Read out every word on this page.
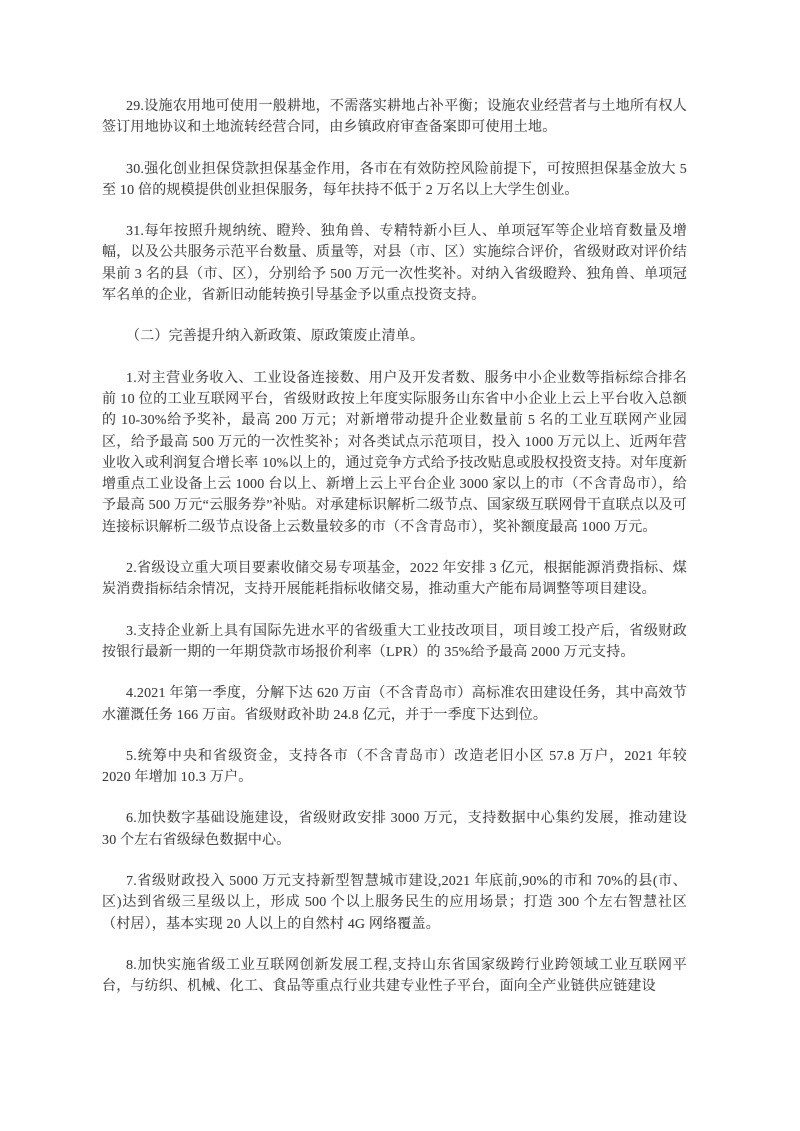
29.设施农用地可使用一般耕地，不需落实耕地占补平衡；设施农业经营者与土地所有权人签订用地协议和土地流转经营合同，由乡镇政府审查备案即可使用土地。

30.强化创业担保贷款担保基金作用，各市在有效防控风险前提下，可按照担保基金放大 5 至 10 倍的规模提供创业担保服务，每年扶持不低于 2 万名以上大学生创业。

31.每年按照升规纳统、瞪羚、独角兽、专精特新小巨人、单项冠军等企业培育数量及增幅，以及公共服务示范平台数量、质量等，对县（市、区）实施综合评价，省级财政对评价结果前 3 名的县（市、区），分别给予 500 万元一次性奖补。对纳入省级瞪羚、独角兽、单项冠军名单的企业，省新旧动能转换引导基金予以重点投资支持。

（二）完善提升纳入新政策、原政策废止清单。

1.对主营业务收入、工业设备连接数、用户及开发者数、服务中小企业数等指标综合排名前 10 位的工业互联网平台，省级财政按上年度实际服务山东省中小企业上云上平台收入总额的 10-30%给予奖补，最高 200 万元；对新增带动提升企业数量前 5 名的工业互联网产业园区，给予最高 500 万元的一次性奖补；对各类试点示范项目，投入 1000 万元以上、近两年营业收入或利润复合增长率 10%以上的，通过竞争方式给予技改贴息或股权投资支持。对年度新增重点工业设备上云 1000 台以上、新增上云上平台企业 3000 家以上的市（不含青岛市），给予最高 500 万元“云服务券”补贴。对承建标识解析二级节点、国家级互联网骨干直联点以及可连接标识解析二级节点设备上云数量较多的市（不含青岛市），奖补额度最高 1000 万元。

2.省级设立重大项目要素收储交易专项基金，2022 年安排 3 亿元，根据能源消费指标、煤炭消费指标结余情况，支持开展能耗指标收储交易，推动重大产能布局调整等项目建设。

3.支持企业新上具有国际先进水平的省级重大工业技改项目，项目竣工投产后，省级财政按银行最新一期的一年期贷款市场报价利率（LPR）的 35%给予最高 2000 万元支持。

4.2021 年第一季度，分解下达 620 万亩（不含青岛市）高标准农田建设任务，其中高效节水灌溉任务 166 万亩。省级财政补助 24.8 亿元，并于一季度下达到位。

5.统筹中央和省级资金，支持各市（不含青岛市）改造老旧小区 57.8 万户，2021 年较 2020 年增加 10.3 万户。

6.加快数字基础设施建设，省级财政安排 3000 万元，支持数据中心集约发展，推动建设 30 个左右省级绿色数据中心。

7.省级财政投入 5000 万元支持新型智慧城市建设,2021 年底前,90%的市和 70%的县(市、区)达到省级三星级以上，形成 500 个以上服务民生的应用场景；打造 300 个左右智慧社区（村居），基本实现 20 人以上的自然村 4G 网络覆盖。

8.加快实施省级工业互联网创新发展工程,支持山东省国家级跨行业跨领域工业互联网平台，与纺织、机械、化工、食品等重点行业共建专业性子平台，面向全产业链供应链建设
